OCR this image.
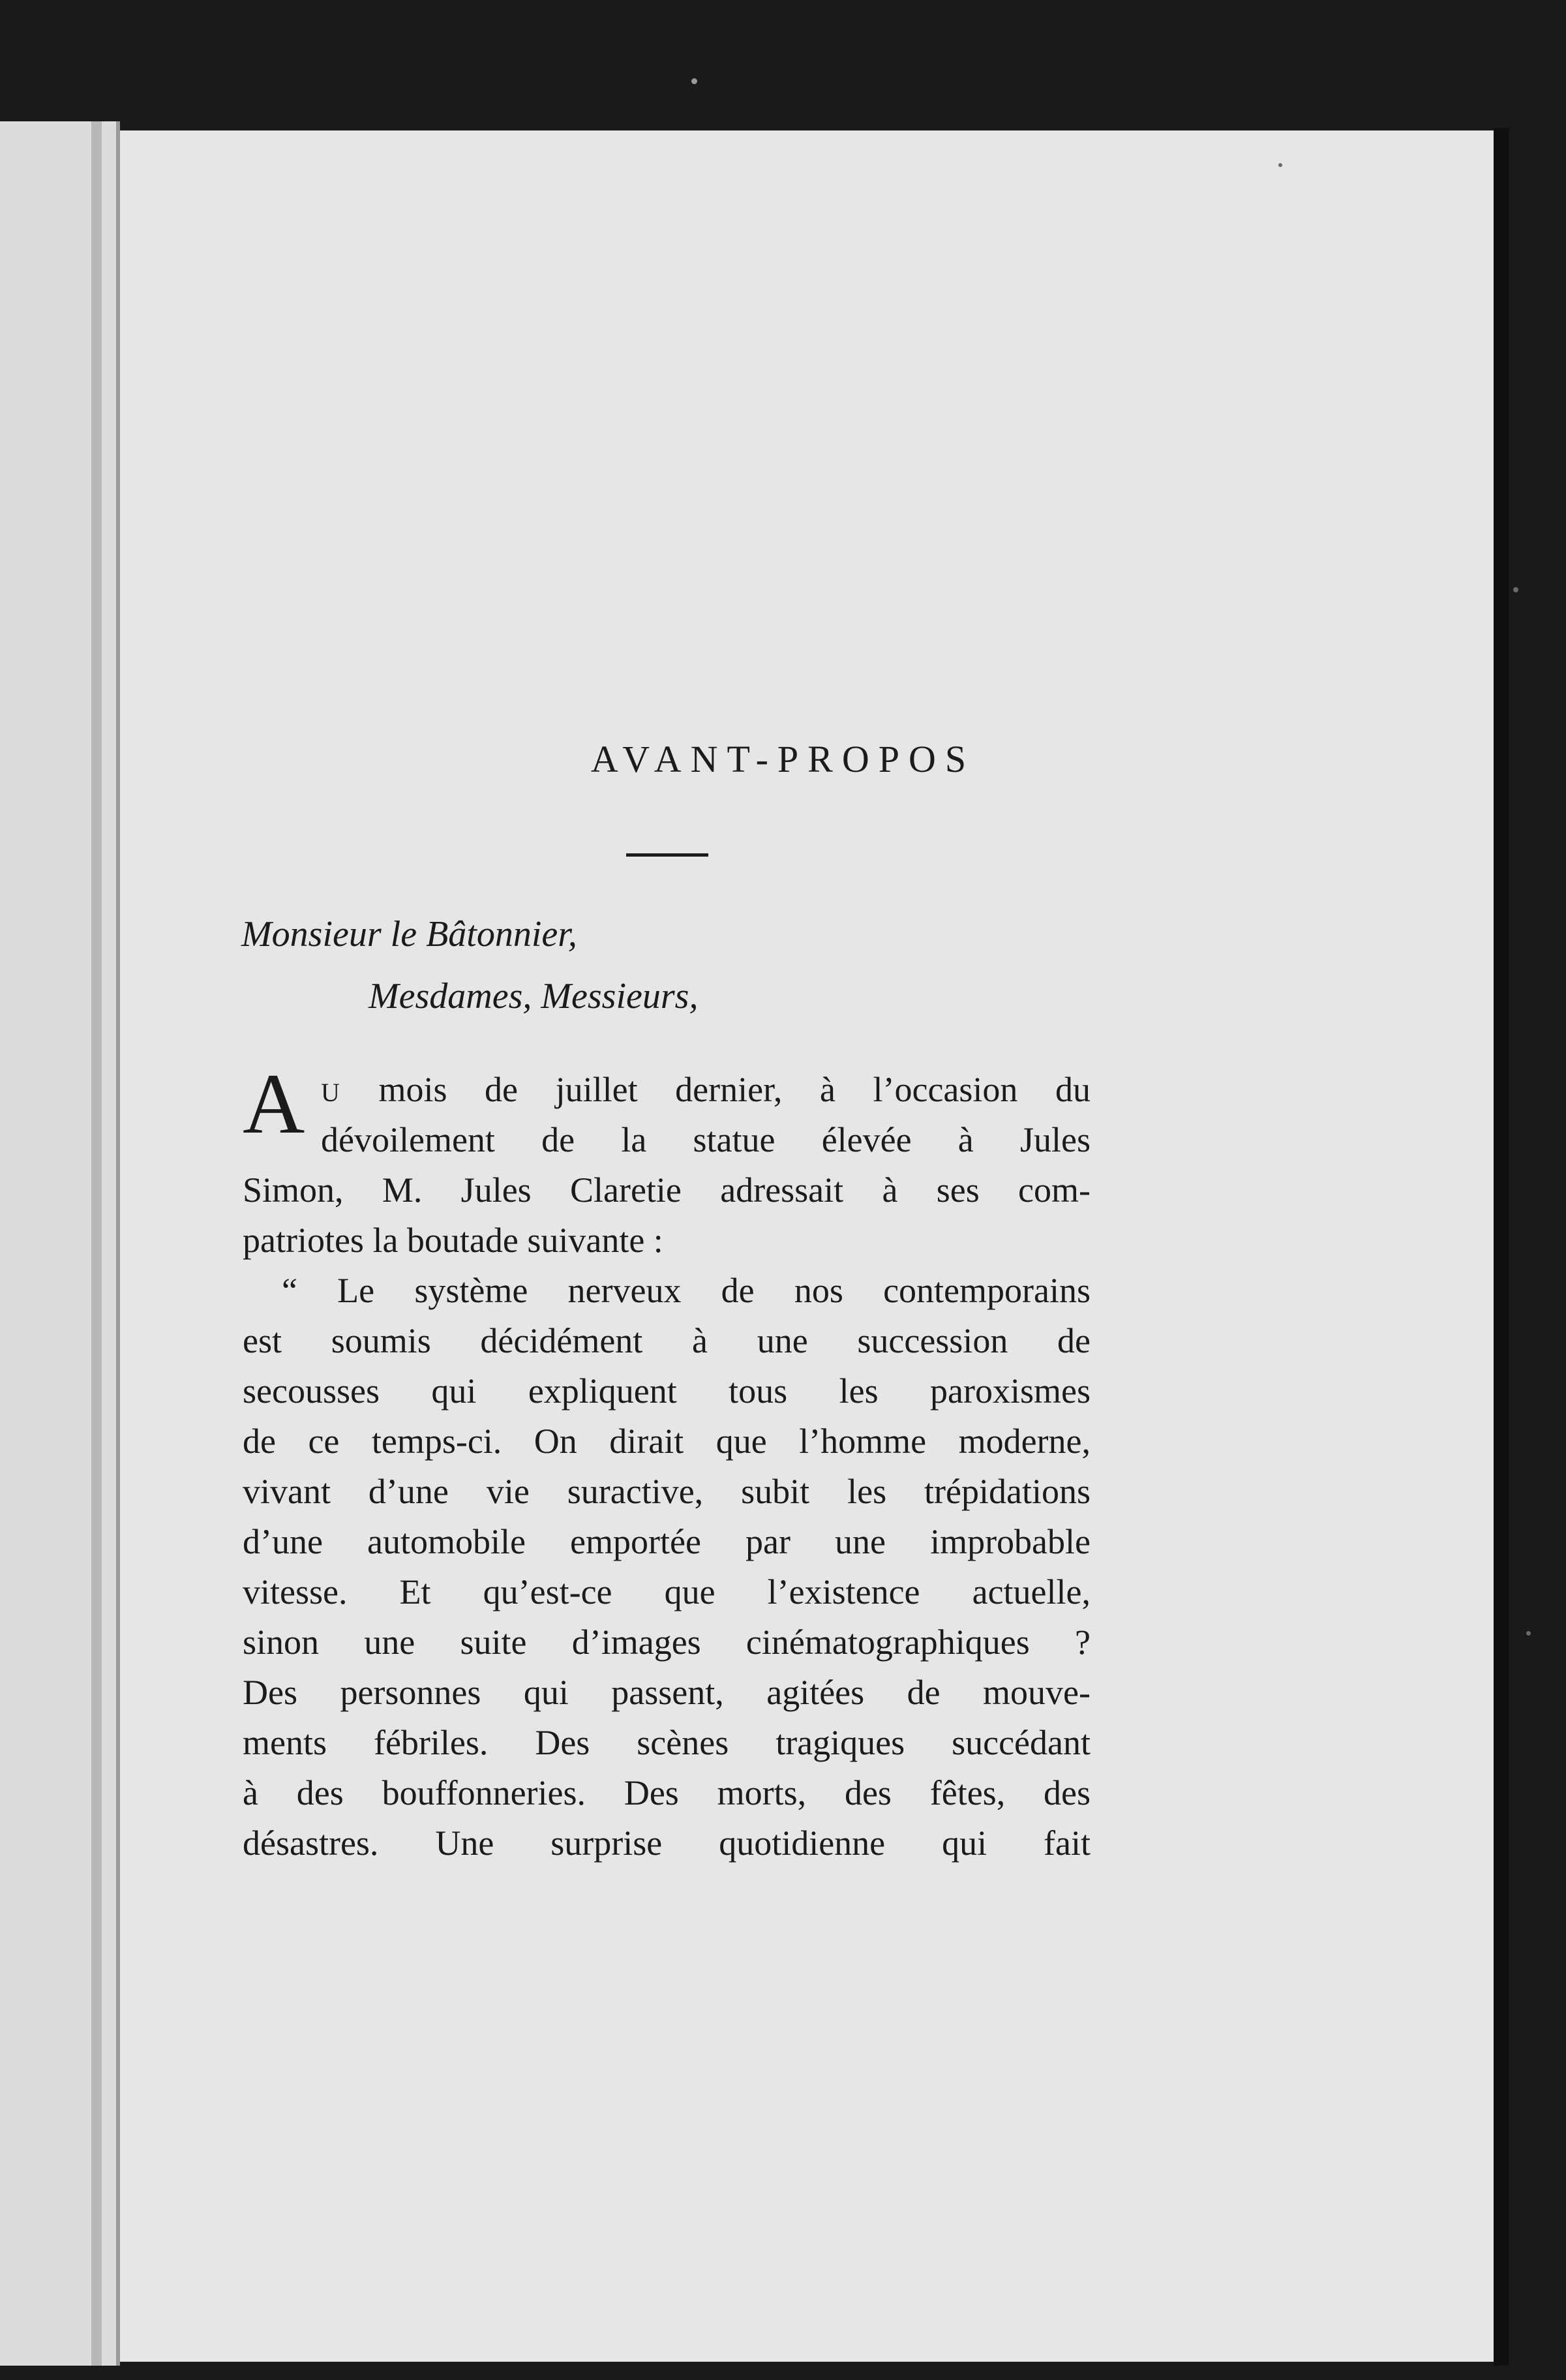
AVANT-PROPOS
Monsieur le Bâtonnier,
Mesdames, Messieurs,
A U mois de juillet dernier, à l’occasion du
dévoilement de la statue élevée à Jules
Simon, M. Jules Claretie adressait à ses com-
patriotes la boutade suivante :
“ Le système nerveux de nos contemporains
est soumis décidément à une succession de
secousses qui expliquent tous les paroxismes
de ce temps-ci. On dirait que l’homme moderne,
vivant d’une vie suractive, subit les trépidations
d’une automobile emportée par une improbable
vitesse. Et qu’est-ce que l’existence actuelle,
sinon une suite d’images cinématographiques ?
Des personnes qui passent, agitées de mouve-
ments fébriles. Des scènes tragiques succédant
à des bouffonneries. Des morts, des fêtes, des
désastres. Une surprise quotidienne qui fait
